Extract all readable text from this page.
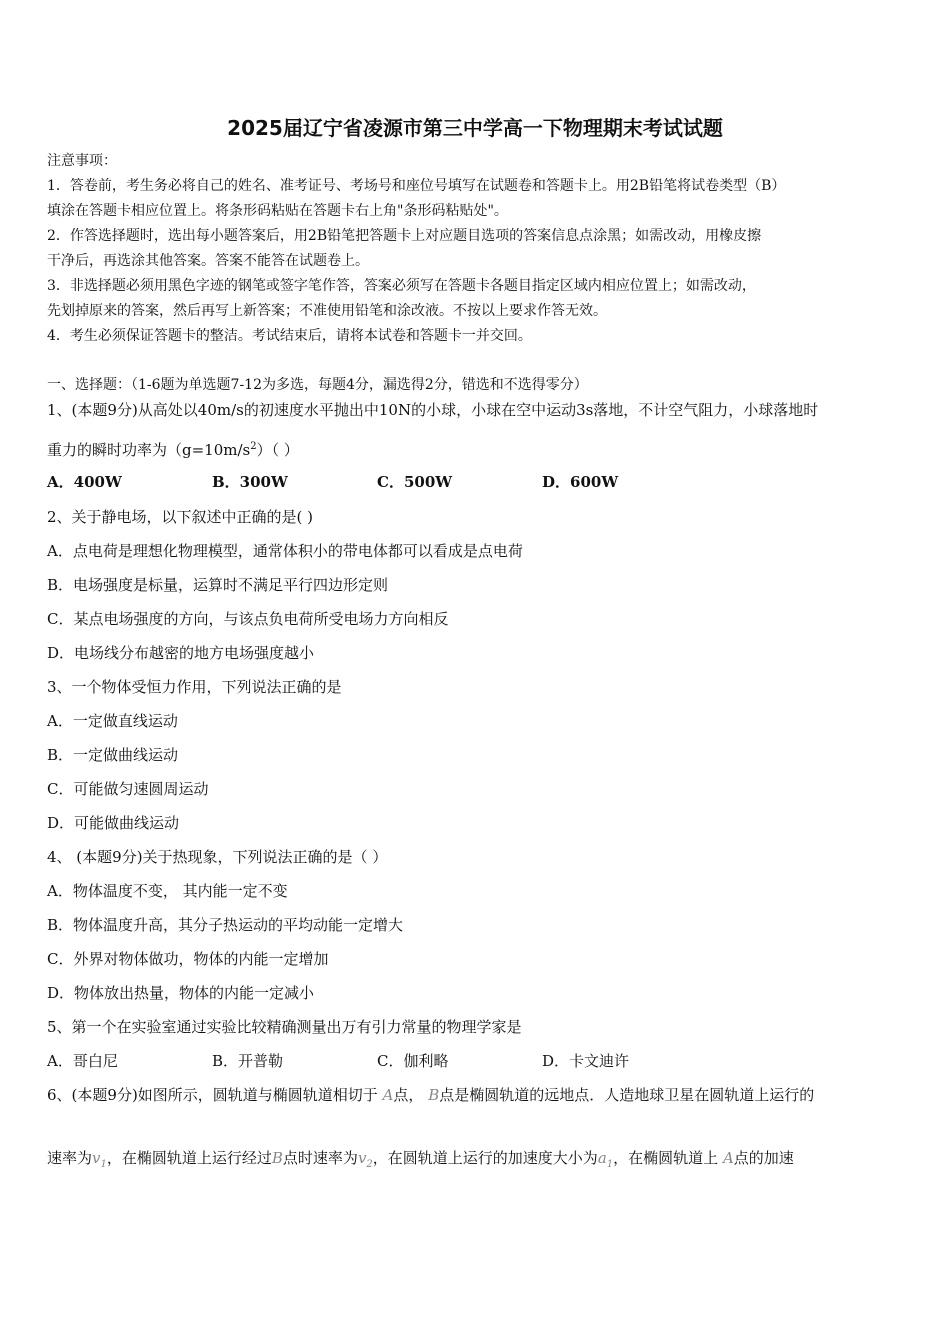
2025届辽宁省凌源市第三中学高一下物理期末考试试题
注意事项：
1．答卷前，考生务必将自己的姓名、准考证号、考场号和座位号填写在试题卷和答题卡上。用2B铅笔将试卷类型（B）
填涂在答题卡相应位置上。将条形码粘贴在答题卡右上角"条形码粘贴处"。
2．作答选择题时，选出每小题答案后，用2B铅笔把答题卡上对应题目选项的答案信息点涂黑；如需改动，用橡皮擦
干净后，再选涂其他答案。答案不能答在试题卷上。
3．非选择题必须用黑色字迹的钢笔或签字笔作答，答案必须写在答题卡各题目指定区域内相应位置上；如需改动，
先划掉原来的答案，然后再写上新答案；不准使用铅笔和涂改液。不按以上要求作答无效。
4．考生必须保证答题卡的整洁。考试结束后，请将本试卷和答题卡一并交回。
一、选择题：（1-6题为单选题7-12为多选，每题4分，漏选得2分，错选和不选得零分）
1、(本题9分)从高处以40m/s的初速度水平抛出中10N的小球，小球在空中运动3s落地，不计空气阻力，小球落地时
重力的瞬时功率为$(g=10m/s^2)$（ ）
A．400W	B．300W	C．500W	D．600W
2、关于静电场，以下叙述中正确的是( )
A．点电荷是理想化物理模型，通常体积小的带电体都可以看成是点电荷
B．电场强度是标量，运算时不满足平行四边形定则
C．某点电场强度的方向，与该点负电荷所受电场力方向相反
D．电场线分布越密的地方电场强度越小
3、一个物体受恒力作用，下列说法正确的是
A．一定做直线运动
B．一定做曲线运动
C．可能做匀速圆周运动
D．可能做曲线运动
4、 (本题9分)关于热现象，下列说法正确的是（ ）
A．物体温度不变， 其内能一定不变
B．物体温度升高，其分子热运动的平均动能一定增大
C．外界对物体做功，物体的内能一定增加
D．物体放出热量，物体的内能一定减小
5、第一个在实验室通过实验比较精确测量出万有引力常量的物理学家是
A．哥白尼	B．开普勒	C．伽利略	D．卡文迪许
6、(本题9分)如图所示，圆轨道与椭圆轨道相切于 A点， B点是椭圆轨道的远地点．人造地球卫星在圆轨道上运行的
速率为$v_1$，在椭圆轨道上运行经过B点时速率为$v_2$，在圆轨道上运行的加速度大小为$a_1$，在椭圆轨道上 A点的加速
